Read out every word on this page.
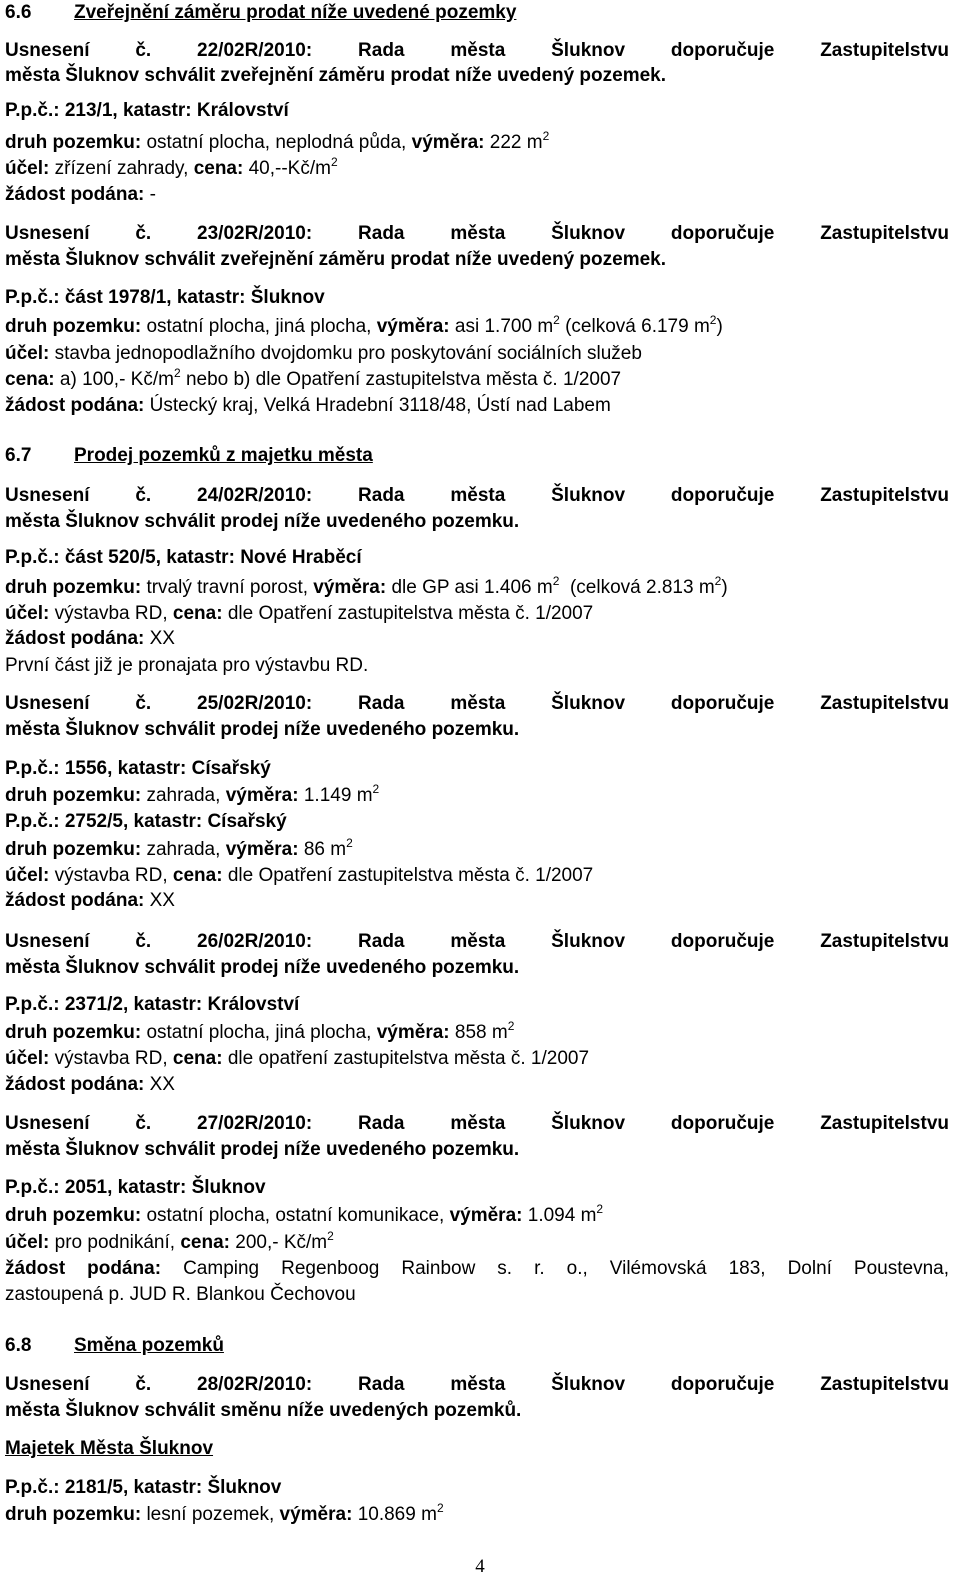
6.6 Zveřejnění záměru prodat níže uvedené pozemky
Usnesení č. 22/02R/2010: Rada města Šluknov doporučuje Zastupitelstvu
města Šluknov schválit zveřejnění záměru prodat níže uvedený pozemek.
P.p.č.: 213/1, katastr: Království
druh pozemku: ostatní plocha, neplodná půda, výměra: 222 $m^2$
účel: zřízení zahrady, cena: $40,--Kč/m^2$
žádost podána: -
Usnesení č. 23/02R/2010: Rada města Šluknov doporučuje Zastupitelstvu
města Šluknov schválit zveřejnění záměru prodat níže uvedený pozemek.
P.p.č.: část 1978/1, katastr: Šluknov
druh pozemku: ostatní plocha, jiná plocha, výměra: asi 1.700 $m^2$ (celková 6.179 $m^2$)
účel: stavba jednopodlažního dvojdomku pro poskytování sociálních služeb
cena: a) 100,- $Kč/m^2$ nebo b) dle Opatření zastupitelstva města č. 1/2007
žádost podána: Ústecký kraj, Velká Hradební 3118/48, Ústí nad Labem
6.7 Prodej pozemků z majetku města
Usnesení č. 24/02R/2010: Rada města Šluknov doporučuje Zastupitelstvu
města Šluknov schválit prodej níže uvedeného pozemku.
P.p.č.: část 520/5, katastr: Nové Hraběcí
druh pozemku: trvalý travní porost, výměra: dle GP asi 1.406 $m^2$ (celková 2.813 $m^2$)
účel: výstavba RD, cena: dle Opatření zastupitelstva města č. 1/2007
žádost podána: XX
První část již je pronajata pro výstavbu RD.
Usnesení č. 25/02R/2010: Rada města Šluknov doporučuje Zastupitelstvu
města Šluknov schválit prodej níže uvedeného pozemku.
P.p.č.: 1556, katastr: Císařský
druh pozemku: zahrada, výměra: 1.149 $m^2$
P.p.č.: 2752/5, katastr: Císařský
druh pozemku: zahrada, výměra: 86 $m^2$
účel: výstavba RD, cena: dle Opatření zastupitelstva města č. 1/2007
žádost podána: XX
Usnesení č. 26/02R/2010: Rada města Šluknov doporučuje Zastupitelstvu
města Šluknov schválit prodej níže uvedeného pozemku.
P.p.č.: 2371/2, katastr: Království
druh pozemku: ostatní plocha, jiná plocha, výměra: 858 $m^2$
účel: výstavba RD, cena: dle opatření zastupitelstva města č. 1/2007
žádost podána: XX
Usnesení č. 27/02R/2010: Rada města Šluknov doporučuje Zastupitelstvu
města Šluknov schválit prodej níže uvedeného pozemku.
P.p.č.: 2051, katastr: Šluknov
druh pozemku: ostatní plocha, ostatní komunikace, výměra: 1.094 $m^2$
účel: pro podnikání, cena: 200,- $Kč/m^2$
žádost podána: Camping Regenboog Rainbow s. r. o., Vilémovská 183, Dolní Poustevna,
zastoupená p. JUD R. Blankou Čechovou
6.8 Směna pozemků
Usnesení č. 28/02R/2010: Rada města Šluknov doporučuje Zastupitelstvu
města Šluknov schválit směnu níže uvedených pozemků.
Majetek Města Šluknov
P.p.č.: 2181/5, katastr: Šluknov
druh pozemku: lesní pozemek, výměra: 10.869 $m^2$
4
